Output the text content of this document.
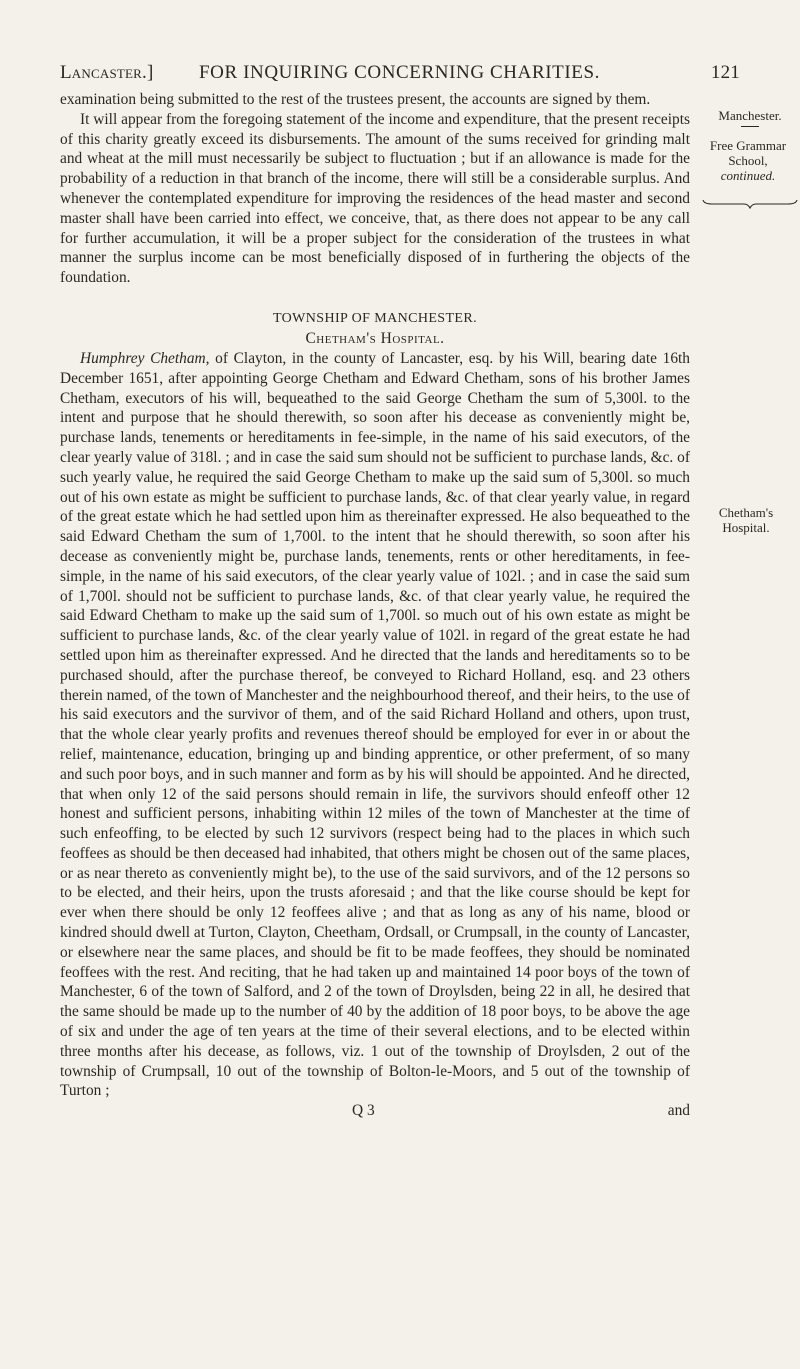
Lancaster.] FOR INQUIRING CONCERNING CHARITIES.	121
Manchester.
Free Grammar
School,
continued.
Chetham's
Hospital.

examination being submitted to the rest of the trustees present, the accounts are signed by them.

It will appear from the foregoing statement of the income and expenditure, that the present receipts of this charity greatly exceed its disbursements. The amount of the sums received for grinding malt and wheat at the mill must necessarily be subject to fluctuation ; but if an allowance is made for the probability of a reduction in that branch of the income, there will still be a considerable surplus. And whenever the contemplated expenditure for improving the residences of the head master and second master shall have been carried into effect, we conceive, that, as there does not appear to be any call for further accumulation, it will be a proper subject for the consideration of the trustees in what manner the surplus income can be most beneficially disposed of in furthering the objects of the foundation.

TOWNSHIP OF MANCHESTER.
Chetham's Hospital.

Humphrey Chetham, of Clayton, in the county of Lancaster, esq. by his Will, bearing date 16th December 1651, after appointing George Chetham and Edward Chetham, sons of his brother James Chetham, executors of his will, bequeathed to the said George Chetham the sum of 5,300l. to the intent and purpose that he should therewith, so soon after his decease as conveniently might be, purchase lands, tenements or hereditaments in fee-simple, in the name of his said executors, of the clear yearly value of 318l. ; and in case the said sum should not be sufficient to purchase lands, &c. of such yearly value, he required the said George Chetham to make up the said sum of 5,300l. so much out of his own estate as might be sufficient to purchase lands, &c. of that clear yearly value, in regard of the great estate which he had settled upon him as thereinafter expressed. He also bequeathed to the said Edward Chetham the sum of 1,700l. to the intent that he should therewith, so soon after his decease as conveniently might be, purchase lands, tenements, rents or other hereditaments, in fee-simple, in the name of his said executors, of the clear yearly value of 102l. ; and in case the said sum of 1,700l. should not be sufficient to purchase lands, &c. of that clear yearly value, he required the said Edward Chetham to make up the said sum of 1,700l. so much out of his own estate as might be sufficient to purchase lands, &c. of the clear yearly value of 102l. in regard of the great estate he had settled upon him as thereinafter expressed. And he directed that the lands and hereditaments so to be purchased should, after the purchase thereof, be conveyed to Richard Holland, esq. and 23 others therein named, of the town of Manchester and the neighbourhood thereof, and their heirs, to the use of his said executors and the survivor of them, and of the said Richard Holland and others, upon trust, that the whole clear yearly profits and revenues thereof should be employed for ever in or about the relief, maintenance, education, bringing up and binding apprentice, or other preferment, of so many and such poor boys, and in such manner and form as by his will should be appointed. And he directed, that when only 12 of the said persons should remain in life, the survivors should enfeoff other 12 honest and sufficient persons, inhabiting within 12 miles of the town of Manchester at the time of such enfeoffing, to be elected by such 12 survivors (respect being had to the places in which such feoffees as should be then deceased had inhabited, that others might be chosen out of the same places, or as near thereto as conveniently might be), to the use of the said survivors, and of the 12 persons so to be elected, and their heirs, upon the trusts aforesaid ; and that the like course should be kept for ever when there should be only 12 feoffees alive ; and that as long as any of his name, blood or kindred should dwell at Turton, Clayton, Cheetham, Ordsall, or Crumpsall, in the county of Lancaster, or elsewhere near the same places, and should be fit to be made feoffees, they should be nominated feoffees with the rest. And reciting, that he had taken up and maintained 14 poor boys of the town of Manchester, 6 of the town of Salford, and 2 of the town of Droylsden, being 22 in all, he desired that the same should be made up to the number of 40 by the addition of 18 poor boys, to be above the age of six and under the age of ten years at the time of their several elections, and to be elected within three months after his decease, as follows, viz. 1 out of the township of Droylsden, 2 out of the township of Crumpsall, 10 out of the township of Bolton-le-Moors, and 5 out of the township of Turton ;

Q 3	and
